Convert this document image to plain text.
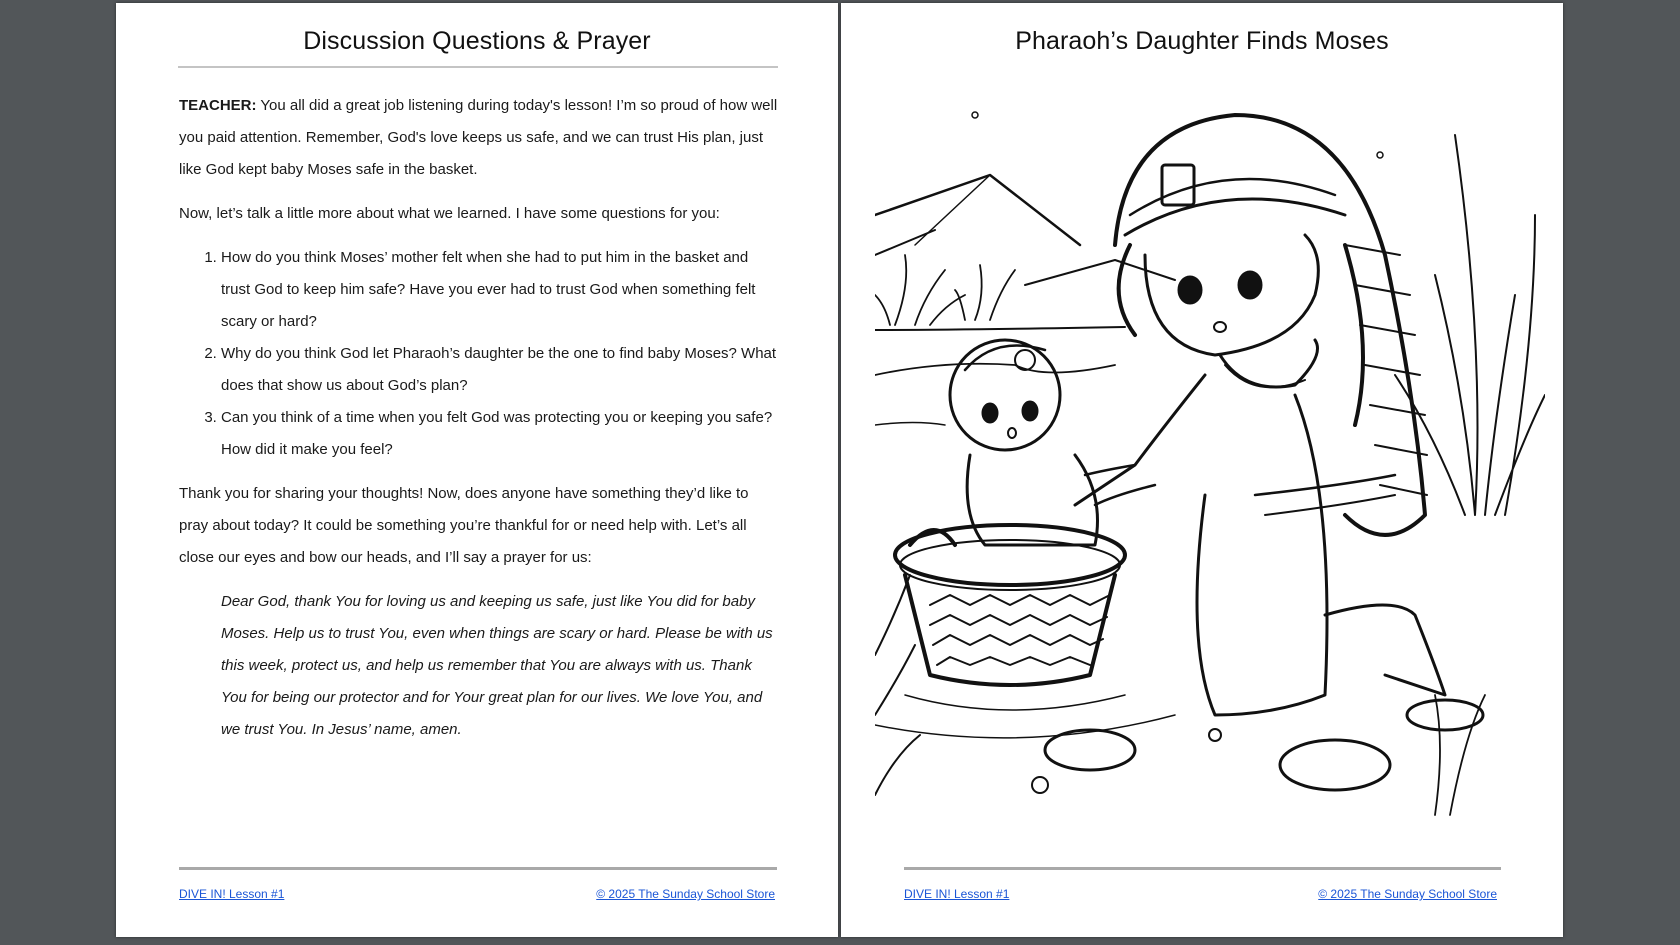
Discussion Questions & Prayer

TEACHER: You all did a great job listening during today's lesson! I’m so proud of how well you paid attention. Remember, God's love keeps us safe, and we can trust His plan, just like God kept baby Moses safe in the basket.

Now, let’s talk a little more about what we learned. I have some questions for you:

1. How do you think Moses’ mother felt when she had to put him in the basket and trust God to keep him safe? Have you ever had to trust God when something felt scary or hard?
2. Why do you think God let Pharaoh’s daughter be the one to find baby Moses? What does that show us about God’s plan?
3. Can you think of a time when you felt God was protecting you or keeping you safe? How did it make you feel?

Thank you for sharing your thoughts! Now, does anyone have something they’d like to pray about today? It could be something you’re thankful for or need help with. Let’s all close our eyes and bow our heads, and I’ll say a prayer for us:

Dear God, thank You for loving us and keeping us safe, just like You did for baby Moses. Help us to trust You, even when things are scary or hard. Please be with us this week, protect us, and help us remember that You are always with us. Thank You for being our protector and for Your great plan for our lives. We love You, and we trust You. In Jesus’ name, amen.

DIVE IN! Lesson #1	© 2025 The Sunday School Store
Pharaoh’s Daughter Finds Moses
DIVE IN! Lesson #1	© 2025 The Sunday School Store
